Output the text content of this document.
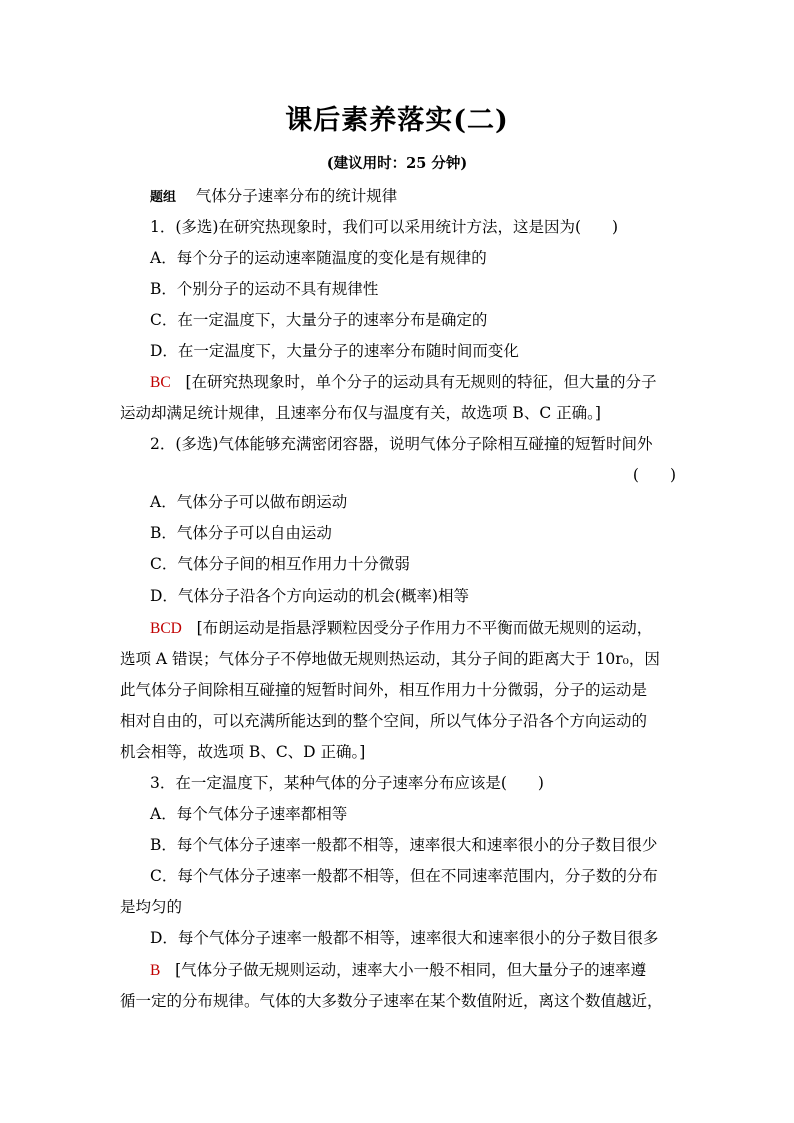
课后素养落实(二)
(建议用时：25 分钟)
题组 气体分子速率分布的统计规律
1．(多选)在研究热现象时，我们可以采用统计方法，这是因为(　　)
A．每个分子的运动速率随温度的变化是有规律的
B．个别分子的运动不具有规律性
C．在一定温度下，大量分子的速率分布是确定的
D．在一定温度下，大量分子的速率分布随时间而变化
BC [在研究热现象时，单个分子的运动具有无规则的特征，但大量的分子
运动却满足统计规律，且速率分布仅与温度有关，故选项 B、C 正确。]
2．(多选)气体能够充满密闭容器，说明气体分子除相互碰撞的短暂时间外
(　　)
A．气体分子可以做布朗运动
B．气体分子可以自由运动
C．气体分子间的相互作用力十分微弱
D．气体分子沿各个方向运动的机会(概率)相等
BCD [布朗运动是指悬浮颗粒因受分子作用力不平衡而做无规则的运动，
选项 A 错误；气体分子不停地做无规则热运动，其分子间的距离大于 10r₀，因
此气体分子间除相互碰撞的短暂时间外，相互作用力十分微弱，分子的运动是
相对自由的，可以充满所能达到的整个空间，所以气体分子沿各个方向运动的
机会相等，故选项 B、C、D 正确。]
3．在一定温度下，某种气体的分子速率分布应该是(　　)
A．每个气体分子速率都相等
B．每个气体分子速率一般都不相等，速率很大和速率很小的分子数目很少
C．每个气体分子速率一般都不相等，但在不同速率范围内，分子数的分布
是均匀的
D．每个气体分子速率一般都不相等，速率很大和速率很小的分子数目很多
B [气体分子做无规则运动，速率大小一般不相同，但大量分子的速率遵
循一定的分布规律。气体的大多数分子速率在某个数值附近，离这个数值越近，
